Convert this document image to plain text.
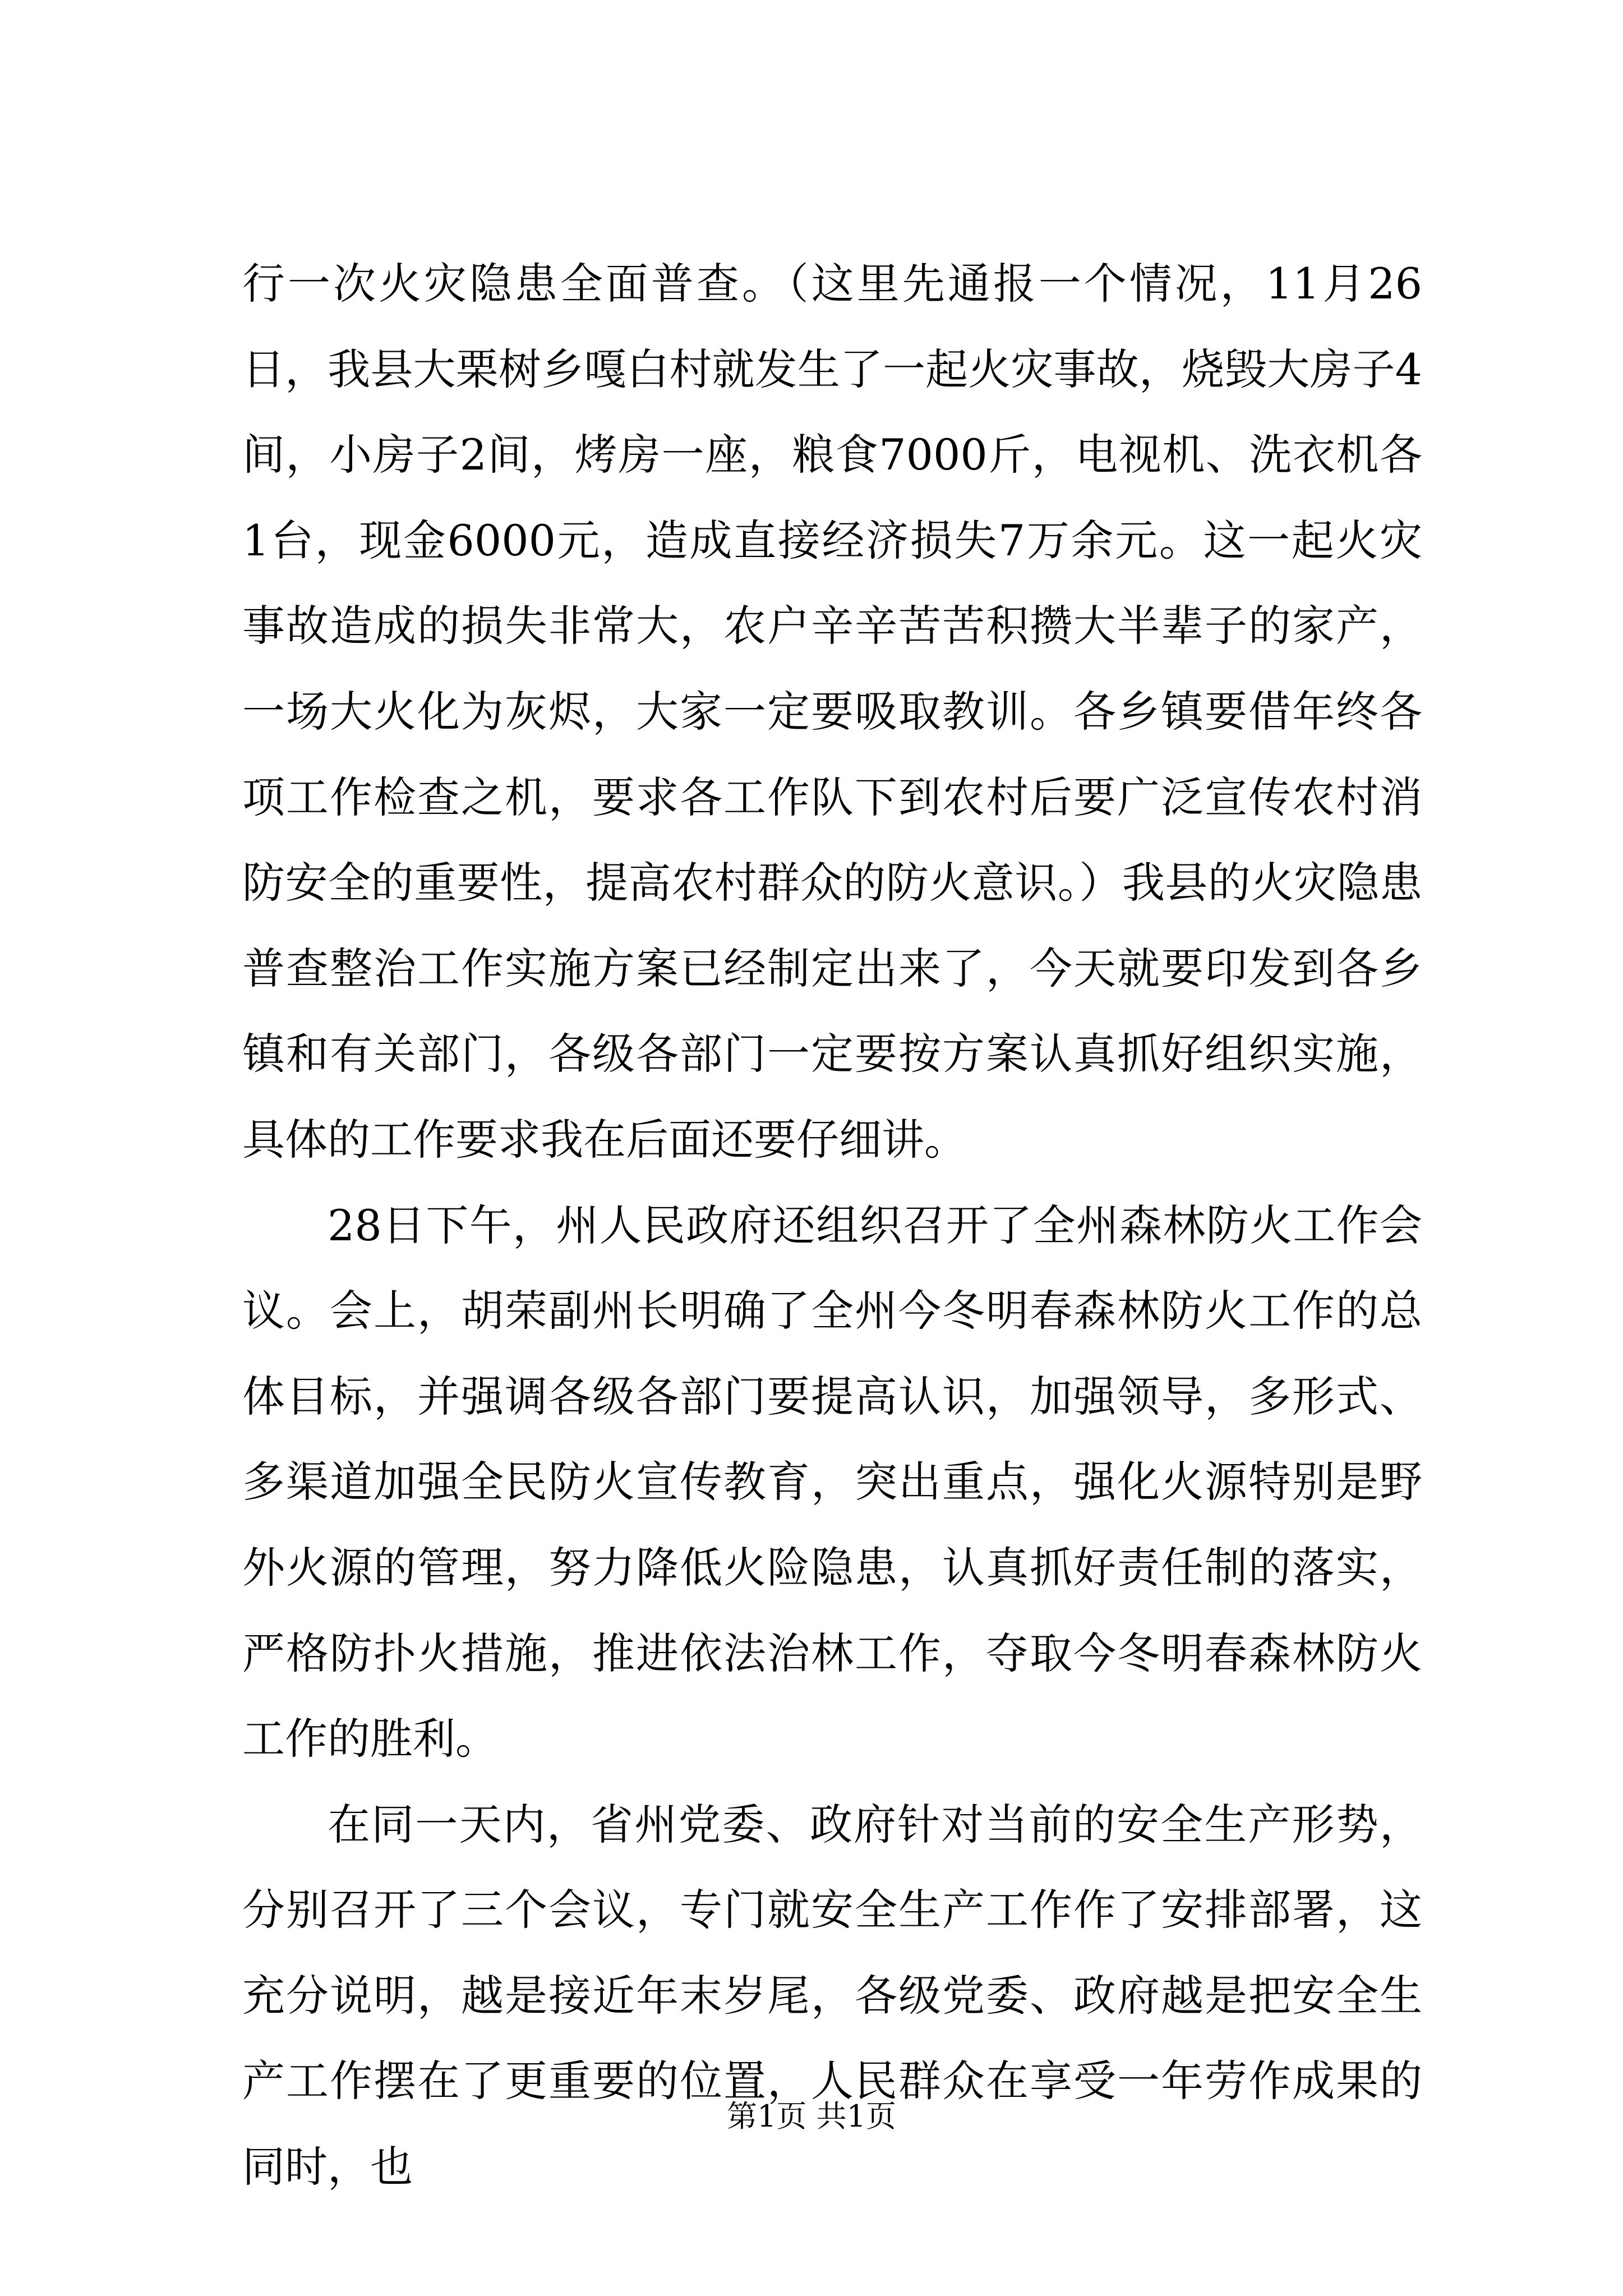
行一次火灾隐患全面普查。（这里先通报一个情况，11月26日，我县大栗树乡嘎白村就发生了一起火灾事故，烧毁大房子4间，小房子2间，烤房一座，粮食7000斤，电视机、洗衣机各1台，现金6000元，造成直接经济损失7万余元。这一起火灾事故造成的损失非常大，农户辛辛苦苦积攒大半辈子的家产，一场大火化为灰烬，大家一定要吸取教训。各乡镇要借年终各项工作检查之机，要求各工作队下到农村后要广泛宣传农村消防安全的重要性，提高农村群众的防火意识。）我县的火灾隐患普查整治工作实施方案已经制定出来了，今天就要印发到各乡镇和有关部门，各级各部门一定要按方案认真抓好组织实施，具体的工作要求我在后面还要仔细讲。

28日下午，州人民政府还组织召开了全州森林防火工作会议。会上，胡荣副州长明确了全州今冬明春森林防火工作的总体目标，并强调各级各部门要提高认识，加强领导，多形式、多渠道加强全民防火宣传教育，突出重点，强化火源特别是野外火源的管理，努力降低火险隐患，认真抓好责任制的落实，严格防扑火措施，推进依法治林工作，夺取今冬明春森林防火工作的胜利。

在同一天内，省州党委、政府针对当前的安全生产形势，分别召开了三个会议，专门就安全生产工作作了安排部署，这充分说明，越是接近年末岁尾，各级党委、政府越是把安全生产工作摆在了更重要的位置，人民群众在享受一年劳作成果的同时，也

第1页 共1页
